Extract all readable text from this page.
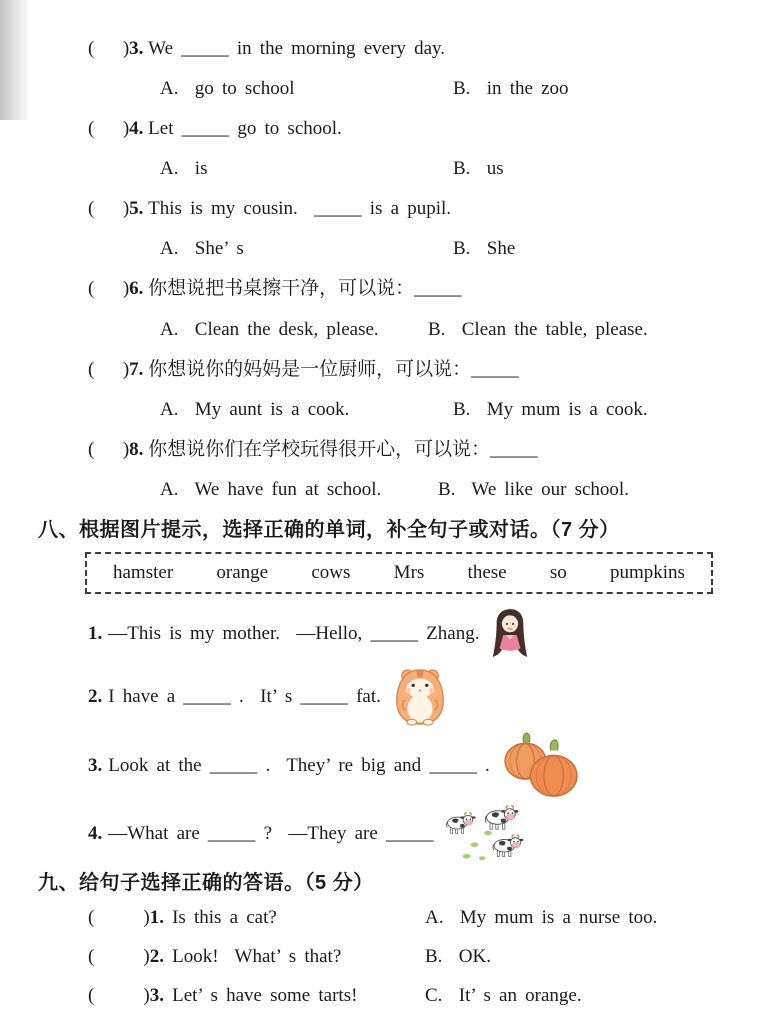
(      )3. We _____ in the morning every day.
A.  go to school	B.  in the zoo
(      )4. Let _____ go to school.
A.  is	B.  us
(      )5. This is my cousin.  _____ is a pupil.
A.  She’ s	B.  She
(      )6. 你想说把书桌擦干净，可以说：_____
A.  Clean the desk, please.	B.  Clean the table, please.
(      )7. 你想说你的妈妈是一位厨师，可以说：_____
A.  My aunt is a cook.	B.  My mum is a cook.
(      )8. 你想说你们在学校玩得很开心，可以说：_____
A.  We have fun at school.	B.  We like our school.
八、根据图片提示，选择正确的单词，补全句子或对话。（7 分）
hamster orange cows Mrs these so pumpkins
1. —This is my mother.  —Hello, _____ Zhang.
2. I have a _____ .  It’ s _____ fat.
3. Look at the _____ .  They’ re big and _____ .
4. —What are _____ ?  —They are _____
九、给句子选择正确的答语。（5 分）
(      )1. Is this a cat?	A.  My mum is a nurse too.
(      )2. Look!  What’ s that?	B.  OK.
(      )3. Let’ s have some tarts!	C.  It’ s an orange.
